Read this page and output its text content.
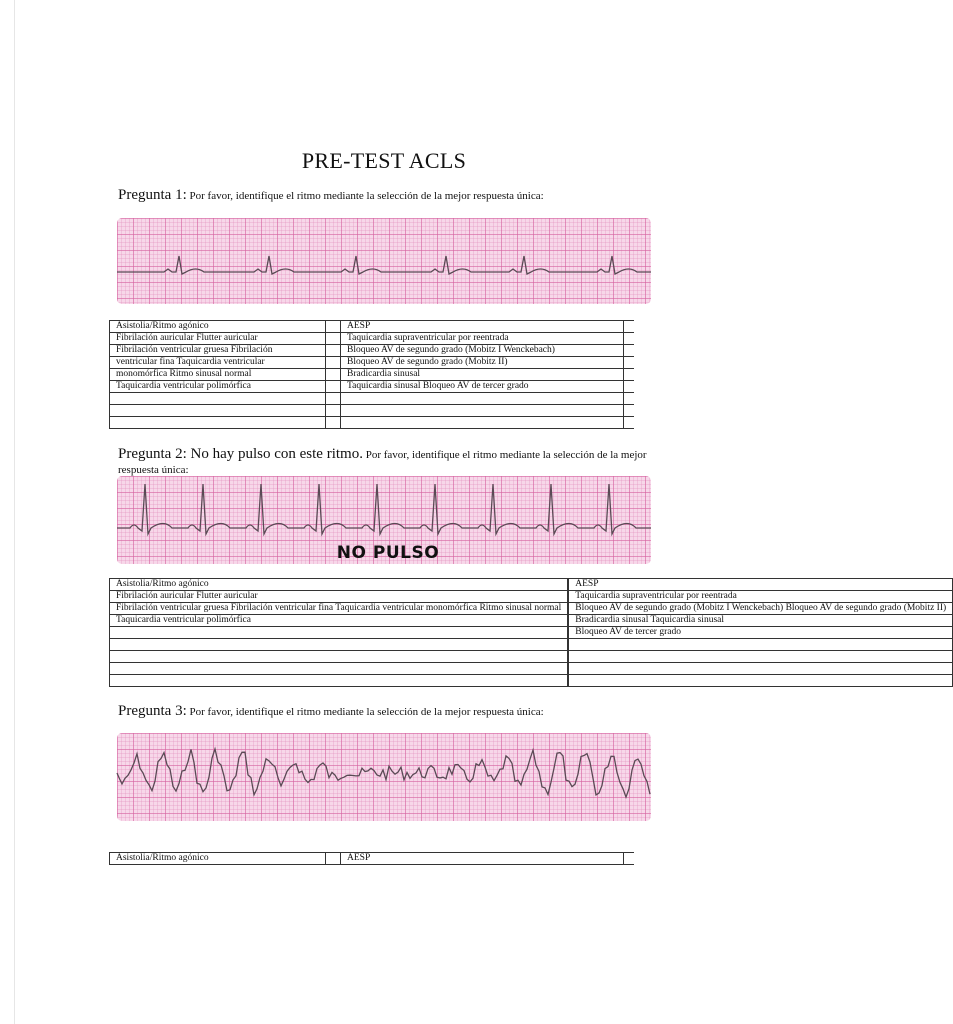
PRE-TEST ACLS
Pregunta 1: Por favor, identifique el ritmo mediante la selección de la mejor respuesta única:
Asistolia/Ritmo agónico		AESP	
Fibrilación auricular Flutter auricular		Taquicardia supraventricular por reentrada	
Fibrilación ventricular gruesa Fibrilación		Bloqueo AV de segundo grado (Mobitz I Wenckebach)	
ventricular fina Taquicardia ventricular		Bloqueo AV de segundo grado (Mobitz II)	
monomórfica Ritmo sinusal normal		Bradicardia sinusal	
Taquicardia ventricular polimórfica		Taquicardia sinusal Bloqueo AV de tercer grado	

Pregunta 2: No hay pulso con este ritmo. Por favor, identifique el ritmo mediante la selección de la mejor respuesta única:
NO PULSO
Asistolia/Ritmo agónico		AESP	
Fibrilación auricular Flutter auricular		Taquicardia supraventricular por reentrada	
Fibrilación ventricular gruesa Fibrilación ventricular fina Taquicardia ventricular monomórfica Ritmo sinusal normal		Bloqueo AV de segundo grado (Mobitz I Wenckebach) Bloqueo AV de segundo grado (Mobitz II)	
Taquicardia ventricular polimórfica		Bradicardia sinusal Taquicardia sinusal	
		Bloqueo AV de tercer grado	

Pregunta 3: Por favor, identifique el ritmo mediante la selección de la mejor respuesta única:
Asistolia/Ritmo agónico		AESP	
